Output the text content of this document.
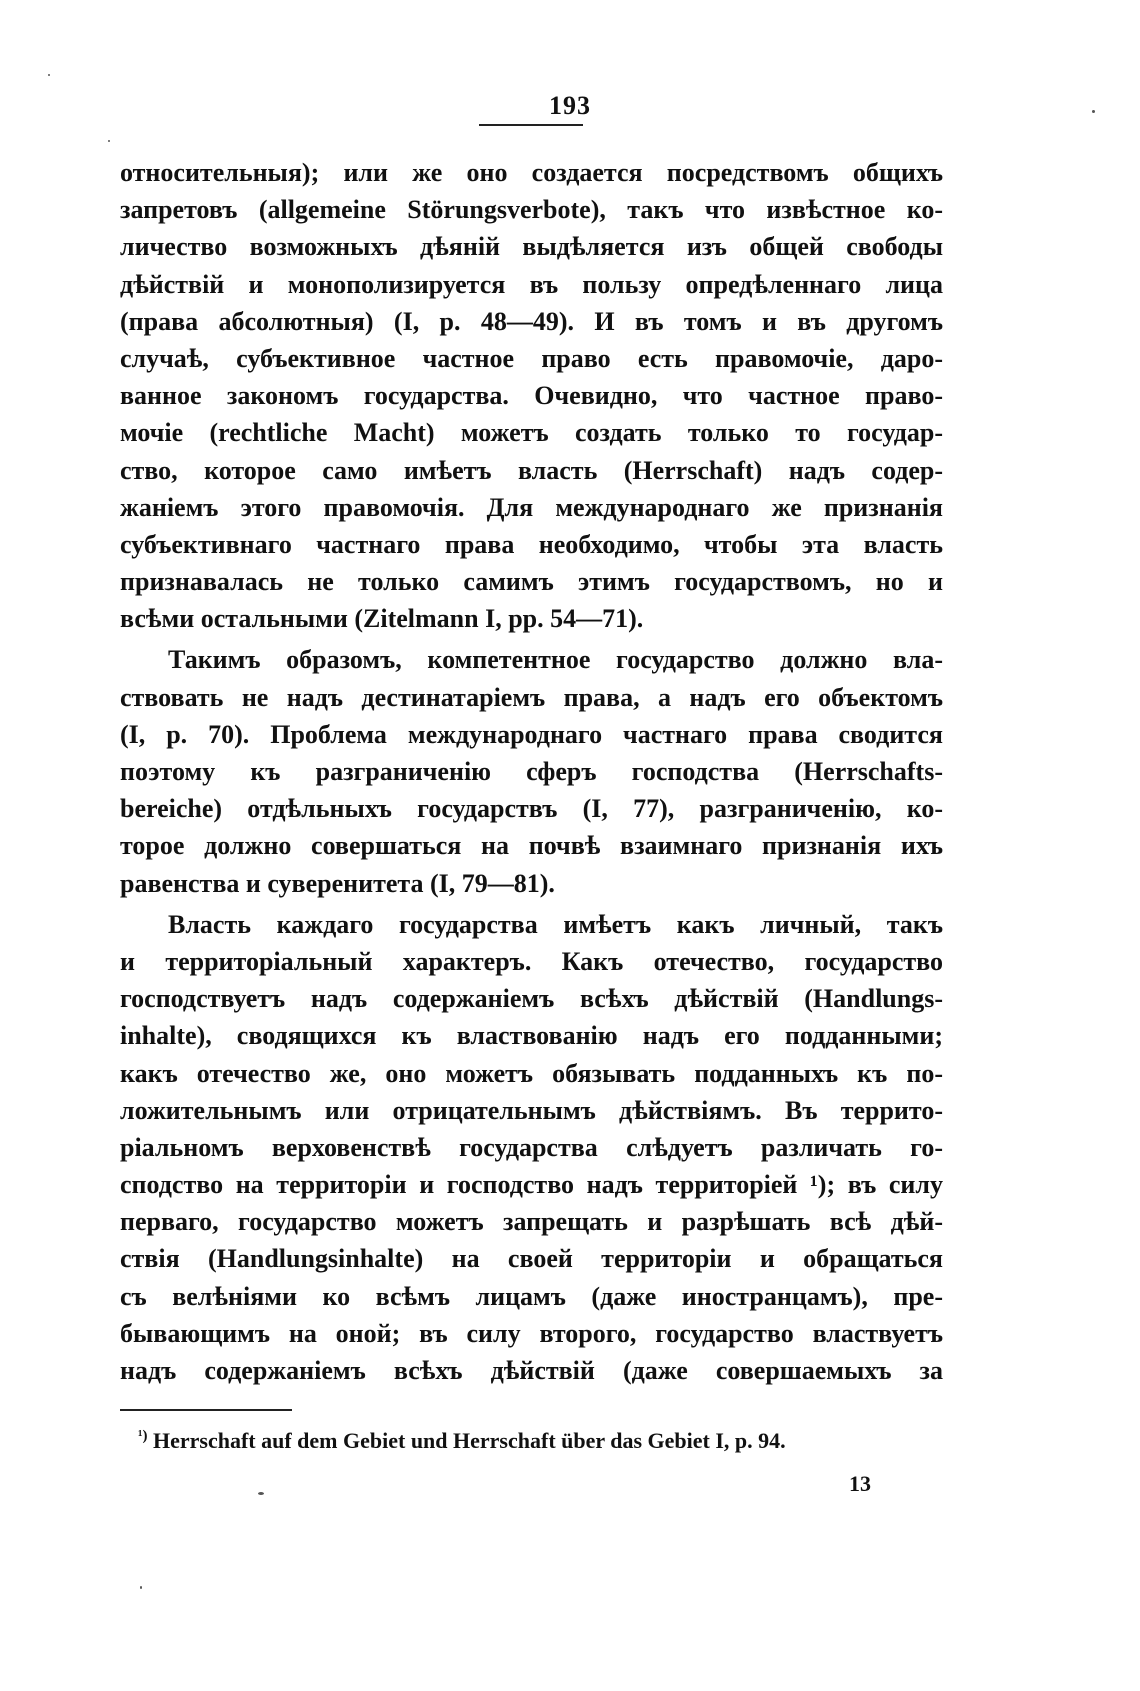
193
относительныя); или же оно создается посредствомъ общихъ
запретовъ (allgemeine Störungsverbote), такъ что извѣстное ко-
личество возможныхъ дѣяній выдѣляется изъ общей свободы
дѣйствій и монополизируется въ пользу опредѣленнаго лица
(права абсолютныя) (I, p. 48—49). И въ томъ и въ другомъ
случаѣ, субъективное частное право есть правомочіе, даро-
ванное закономъ государства. Очевидно, что частное право-
мочіе (rechtliche Macht) можетъ создать только то государ-
ство, которое само имѣетъ власть (Herrschaft) надъ содер-
жаніемъ этого правомочія. Для международнаго же признанія
субъективнаго частнаго права необходимо, чтобы эта власть
признавалась не только самимъ этимъ государствомъ, но и
всѣми остальными (Zitelmann I, pp. 54—71).
Такимъ образомъ, компетентное государство должно вла-
ствовать не надъ дестинатаріемъ права, а надъ его объектомъ
(I, p. 70). Проблема международнаго частнаго права сводится
поэтому къ разграниченію сферъ господства (Herrschafts-
bereiche) отдѣльныхъ государствъ (I, 77), разграниченію, ко-
торое должно совершаться на почвѣ взаимнаго признанія ихъ
равенства и суверенитета (I, 79—81).
Власть каждаго государства имѣетъ какъ личный, такъ
и территоріальный характеръ. Какъ отечество, государство
господствуетъ надъ содержаніемъ всѣхъ дѣйствій (Handlungs-
inhalte), сводящихся къ властвованію надъ его подданными;
какъ отечество же, оно можетъ обязывать подданныхъ къ по-
ложительнымъ или отрицательнымъ дѣйствіямъ. Въ террито-
ріальномъ верховенствѣ государства слѣдуетъ различать го-
сподство на территоріи и господство надъ территоріей ¹); въ силу
перваго, государство можетъ запрещать и разрѣшать всѣ дѣй-
ствія (Handlungsinhalte) на своей территоріи и обращаться
съ велѣніями ко всѣмъ лицамъ (даже иностранцамъ), пре-
бывающимъ на оной; въ силу второго, государство властвуетъ
надъ содержаніемъ всѣхъ дѣйствій (даже совершаемыхъ за
$^{^1)}$ Herrschaft auf dem Gebiet und Herrschaft über das Gebiet I, p. 94.
13
